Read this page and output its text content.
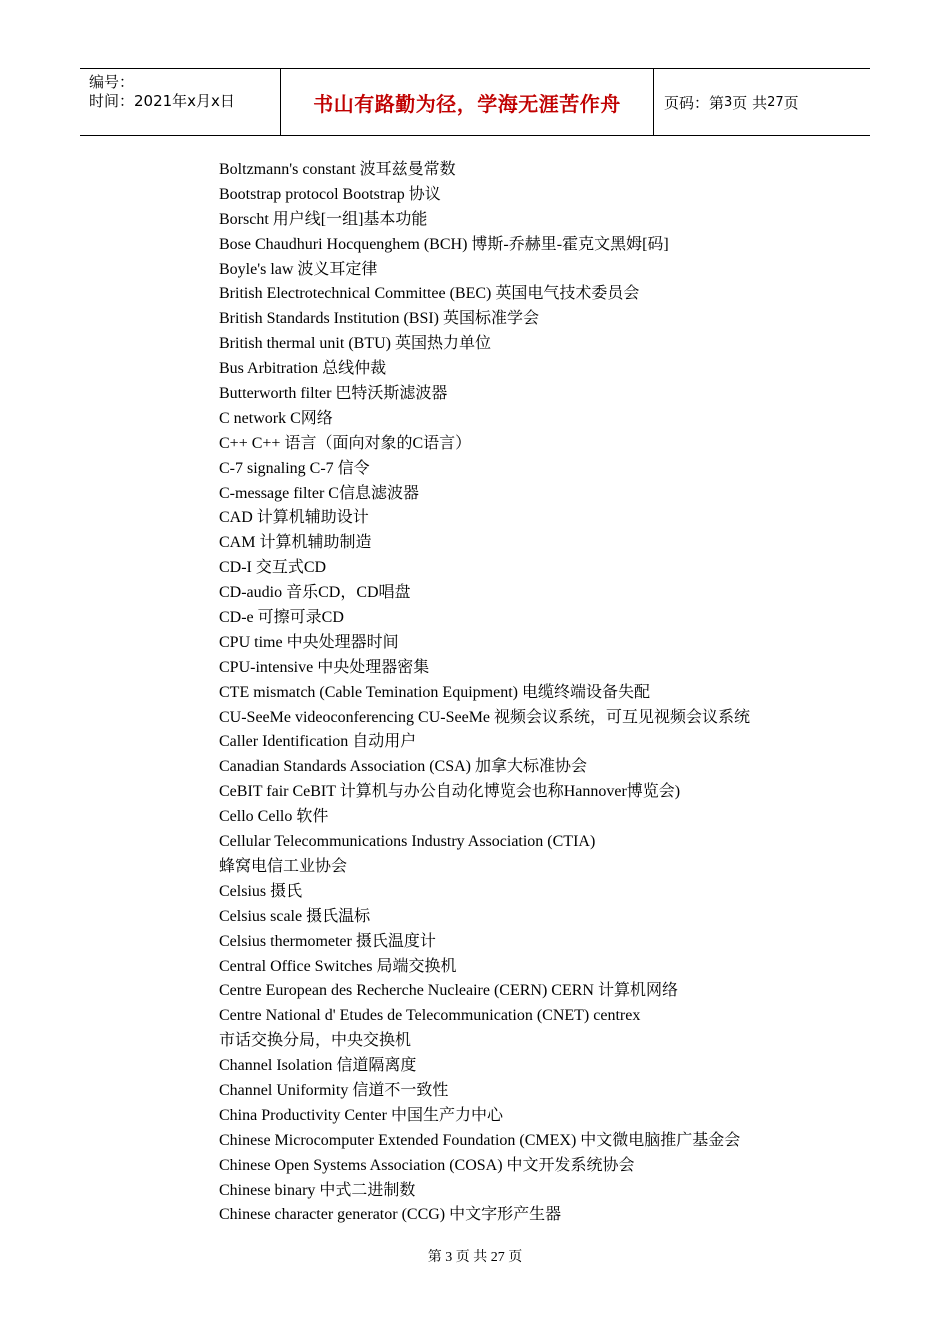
编号：
时间：2021年x月x日	书山有路勤为径，学海无涯苦作舟	页码：第 3 页 共 27 页
Boltzmann's constant 波耳兹曼常数
Bootstrap protocol Bootstrap 协议
Borscht 用户线[一组]基本功能
Bose Chaudhuri Hocquenghem (BCH) 博斯-乔赫里-霍克文黑姆[码]
Boyle's law 波义耳定律
British Electrotechnical Committee (BEC) 英国电气技术委员会
British Standards Institution (BSI) 英国标准学会
British thermal unit (BTU) 英国热力单位
Bus Arbitration 总线仲裁
Butterworth filter 巴特沃斯滤波器
C network C网络
C++ C++ 语言（面向对象的C语言）
C-7 signaling C-7 信令
C-message filter C信息滤波器
CAD 计算机辅助设计
CAM 计算机辅助制造
CD-I 交互式CD
CD-audio 音乐CD，CD唱盘
CD-e 可擦可录CD
CPU time 中央处理器时间
CPU-intensive 中央处理器密集
CTE mismatch (Cable Temination Equipment) 电缆终端设备失配
CU-SeeMe videoconferencing CU-SeeMe 视频会议系统，可互见视频会议系统
Caller Identification 自动用户
Canadian Standards Association (CSA) 加拿大标准协会
CeBIT fair CeBIT 计算机与办公自动化博览会也称Hannover博览会)
Cello Cello 软件
Cellular Telecommunications Industry Association (CTIA)
蜂窝电信工业协会
Celsius 摄氏
Celsius scale 摄氏温标
Celsius thermometer 摄氏温度计
Central Office Switches 局端交换机
Centre European des Recherche Nucleaire (CERN) CERN 计算机网络
Centre National d' Etudes de Telecommunication (CNET) centrex
市话交换分局，中央交换机
Channel Isolation 信道隔离度
Channel Uniformity 信道不一致性
China Productivity Center 中国生产力中心
Chinese Microcomputer Extended Foundation (CMEX) 中文微电脑推广基金会
Chinese Open Systems Association (COSA) 中文开发系统协会
Chinese binary 中式二进制数
Chinese character generator (CCG) 中文字形产生器
第 3 页 共 27 页
